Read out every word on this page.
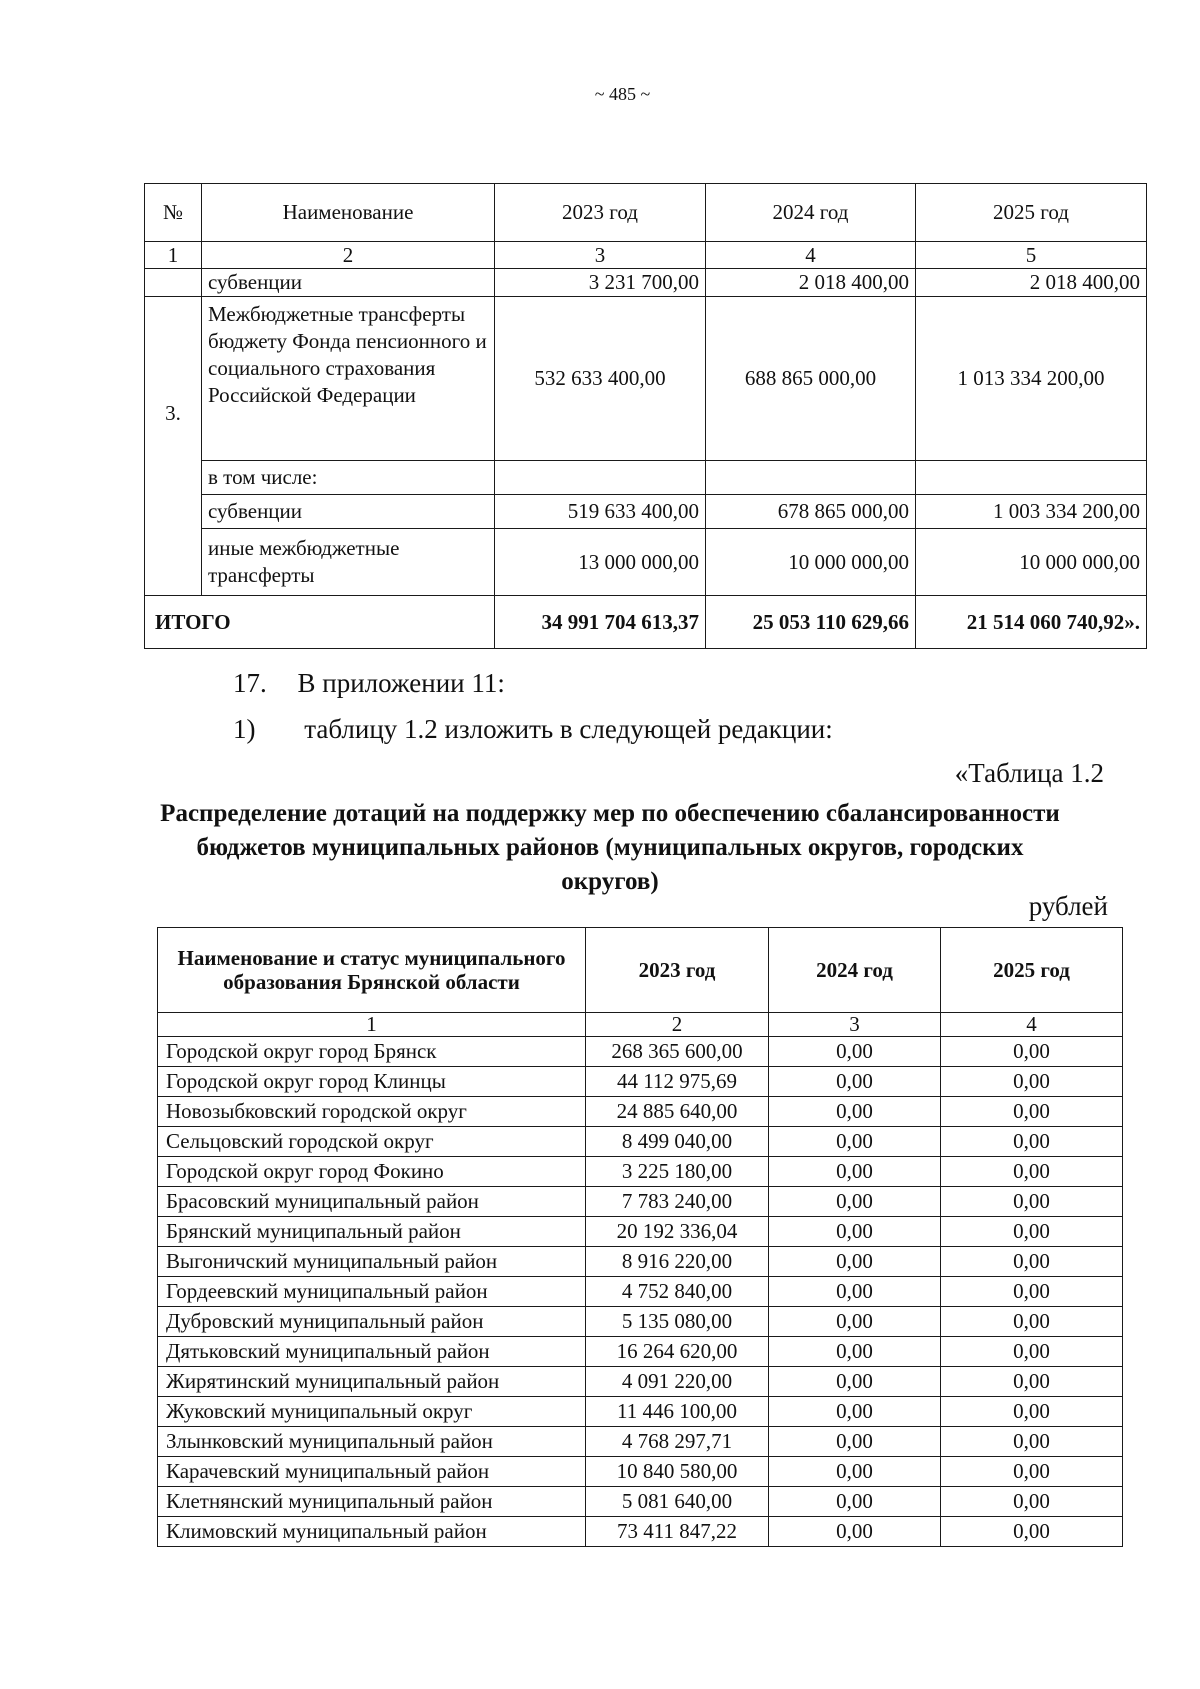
~ 485 ~
№	Наименование	2023 год	2024 год	2025 год
1	2	3	4	5
	субвенции	3 231 700,00	2 018 400,00	2 018 400,00
3.	Межбюджетные трансферты бюджету Фонда пенсионного и социального страхования Российской Федерации	532 633 400,00	688 865 000,00	1 013 334 200,00
	в том числе:			
	субвенции	519 633 400,00	678 865 000,00	1 003 334 200,00
	иные межбюджетные трансферты	13 000 000,00	10 000 000,00	10 000 000,00
ИТОГО		34 991 704 613,37	25 053 110 629,66	21 514 060 740,92».
17. В приложении 11:
1) таблицу 1.2 изложить в следующей редакции:
«Таблица 1.2
Распределение дотаций на поддержку мер по обеспечению сбалансированности бюджетов муниципальных районов (муниципальных округов, городских округов)
рублей
Наименование и статус муниципального образования Брянской области	2023 год	2024 год	2025 год
1	2	3	4
Городской округ город Брянск	268 365 600,00	0,00	0,00
Городской округ город Клинцы	44 112 975,69	0,00	0,00
Новозыбковский городской округ	24 885 640,00	0,00	0,00
Сельцовский городской округ	8 499 040,00	0,00	0,00
Городской округ город Фокино	3 225 180,00	0,00	0,00
Брасовский муниципальный район	7 783 240,00	0,00	0,00
Брянский муниципальный район	20 192 336,04	0,00	0,00
Выгоничский муниципальный район	8 916 220,00	0,00	0,00
Гордеевский муниципальный район	4 752 840,00	0,00	0,00
Дубровский муниципальный район	5 135 080,00	0,00	0,00
Дятьковский муниципальный район	16 264 620,00	0,00	0,00
Жирятинский муниципальный район	4 091 220,00	0,00	0,00
Жуковский муниципальный округ	11 446 100,00	0,00	0,00
Злынковский муниципальный район	4 768 297,71	0,00	0,00
Карачевский муниципальный район	10 840 580,00	0,00	0,00
Клетнянский муниципальный район	5 081 640,00	0,00	0,00
Климовский муниципальный район	73 411 847,22	0,00	0,00
